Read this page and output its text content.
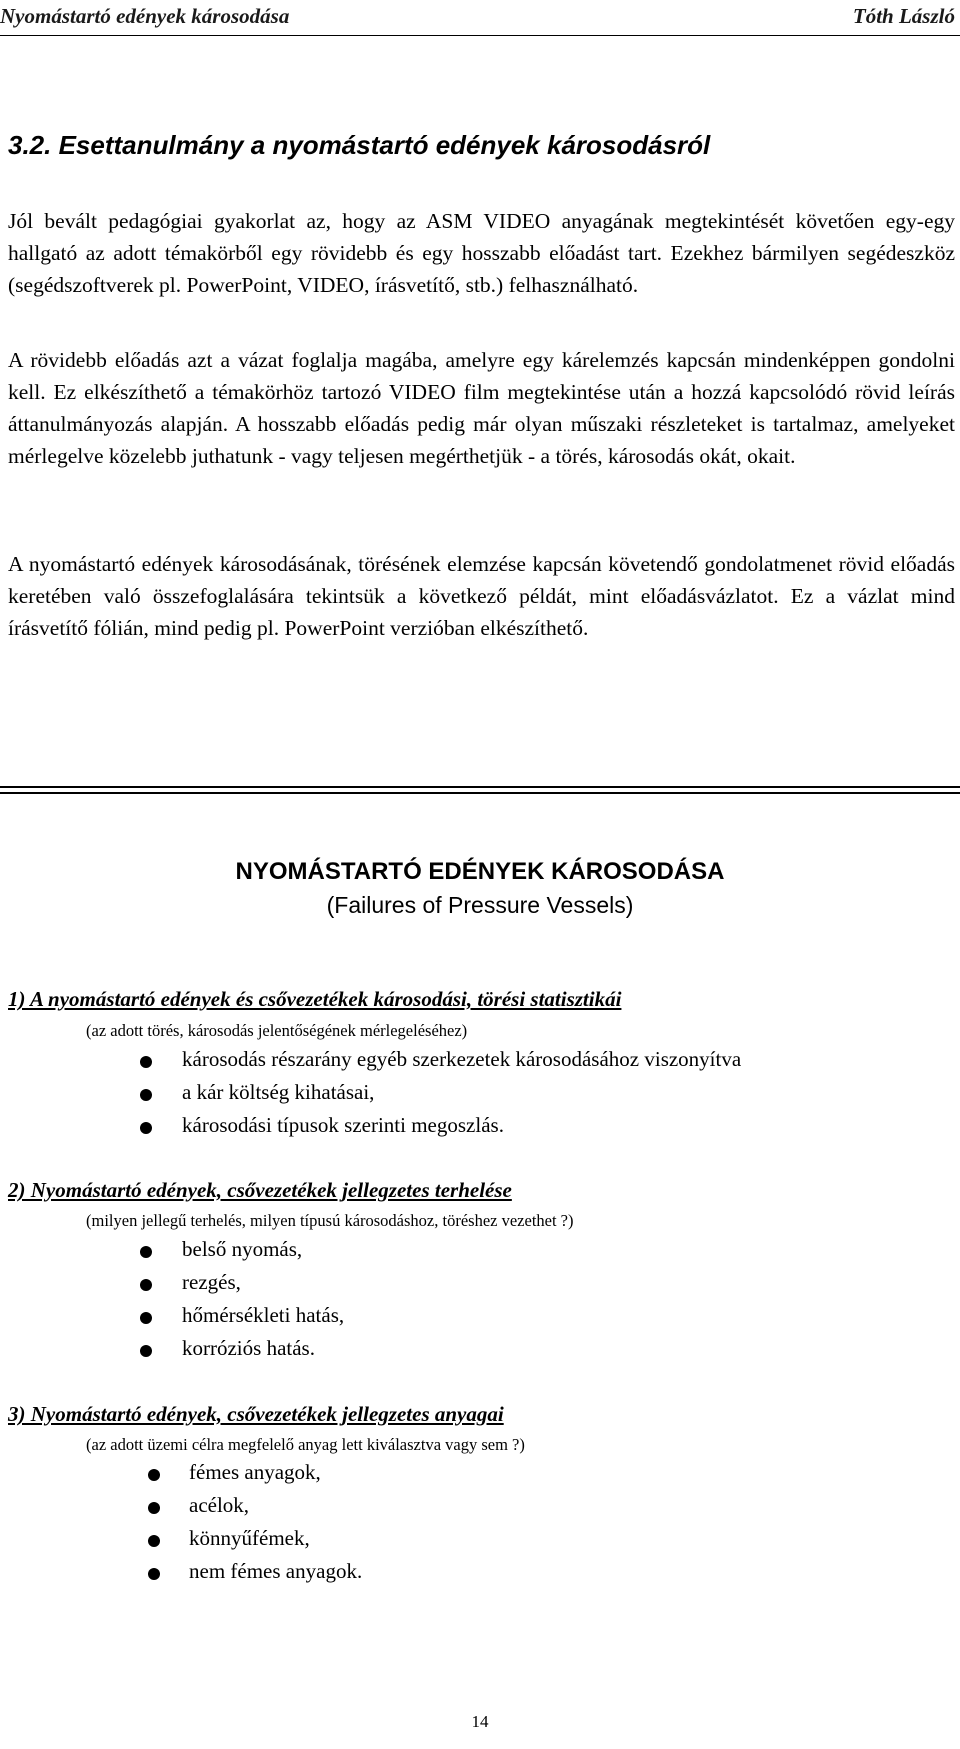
Nyomástartó edények károsodása	Tóth László
3.2. Esettanulmány a nyomástartó edények károsodásról

Jól bevált pedagógiai gyakorlat az, hogy az ASM VIDEO anyagának megtekintését követően egy-egy hallgató az adott témakörből egy rövidebb és egy hosszabb előadást tart. Ezekhez bármilyen segédeszköz (segédszoftverek pl. PowerPoint, VIDEO, írásvetítő, stb.) felhasználható.

A rövidebb előadás azt a vázat foglalja magába, amelyre egy kárelemzés kapcsán mindenképpen gondolni kell. Ez elkészíthető a témakörhöz tartozó VIDEO film megtekintése után a hozzá kapcsolódó rövid leírás áttanulmányozás alapján. A hosszabb előadás pedig már olyan műszaki részleteket is tartalmaz, amelyeket mérlegelve közelebb juthatunk - vagy teljesen megérthetjük - a törés, károsodás okát, okait.

A nyomástartó edények károsodásának, törésének elemzése kapcsán követendő gondolatmenet rövid előadás keretében való összefoglalására tekintsük a következő példát, mint előadásvázlatot. Ez a vázlat mind írásvetítő fólián, mind pedig pl. PowerPoint verzióban elkészíthető.

NYOMÁSTARTÓ EDÉNYEK KÁROSODÁSA
(Failures of Pressure Vessels)
1) A nyomástartó edények és csővezetékek károsodási, törési statisztikái
(az adott törés, károsodás jelentőségének mérlegeléséhez)
károsodás részarány egyéb szerkezetek károsodásához viszonyítva
a kár költség kihatásai,
károsodási típusok szerinti megoszlás.
2) Nyomástartó edények, csővezetékek jellegzetes terhelése
(milyen jellegű terhelés, milyen típusú károsodáshoz, töréshez vezethet ?)
belső nyomás,
rezgés,
hőmérsékleti hatás,
korróziós hatás.
3) Nyomástartó edények, csővezetékek jellegzetes anyagai
(az adott üzemi célra megfelelő anyag lett kiválasztva vagy sem ?)
fémes anyagok,
acélok,
könnyűfémek,
nem fémes anyagok.
14
